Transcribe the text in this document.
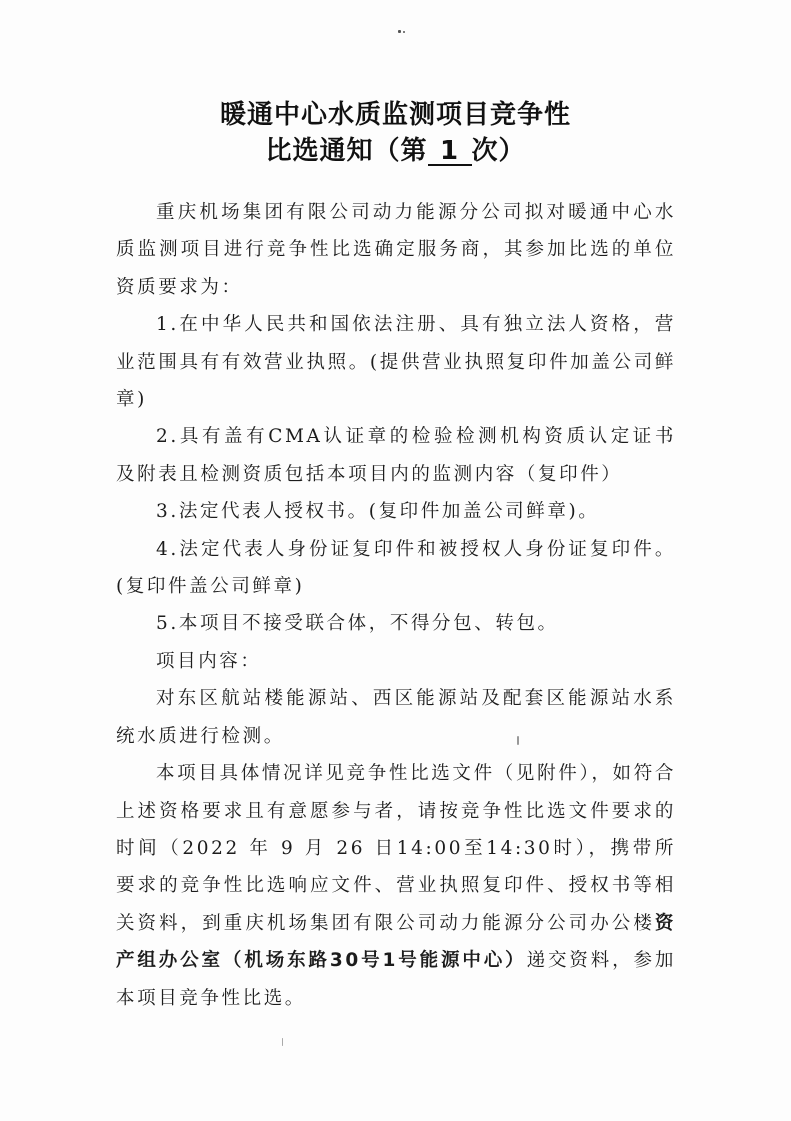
暖通中心水质监测项目竞争性
比选通知（第 1 次）

重庆机场集团有限公司动力能源分公司拟对暖通中心水质监测项目进行竞争性比选确定服务商，其参加比选的单位资质要求为：

1.在中华人民共和国依法注册、具有独立法人资格，营业范围具有有效营业执照。(提供营业执照复印件加盖公司鲜章)

2.具有盖有CMA认证章的检验检测机构资质认定证书及附表且检测资质包括本项目内的监测内容（复印件）

3.法定代表人授权书。(复印件加盖公司鲜章)。

4.法定代表人身份证复印件和被授权人身份证复印件。(复印件盖公司鲜章)

5.本项目不接受联合体，不得分包、转包。

项目内容：

对东区航站楼能源站、西区能源站及配套区能源站水系统水质进行检测。

本项目具体情况详见竞争性比选文件（见附件），如符合上述资格要求且有意愿参与者，请按竞争性比选文件要求的时间（2022 年 9 月 26 日14:00至14:30时），携带所要求的竞争性比选响应文件、营业执照复印件、授权书等相关资料，到重庆机场集团有限公司动力能源分公司办公楼资产组办公室（机场东路30号1号能源中心）递交资料，参加本项目竞争性比选。
